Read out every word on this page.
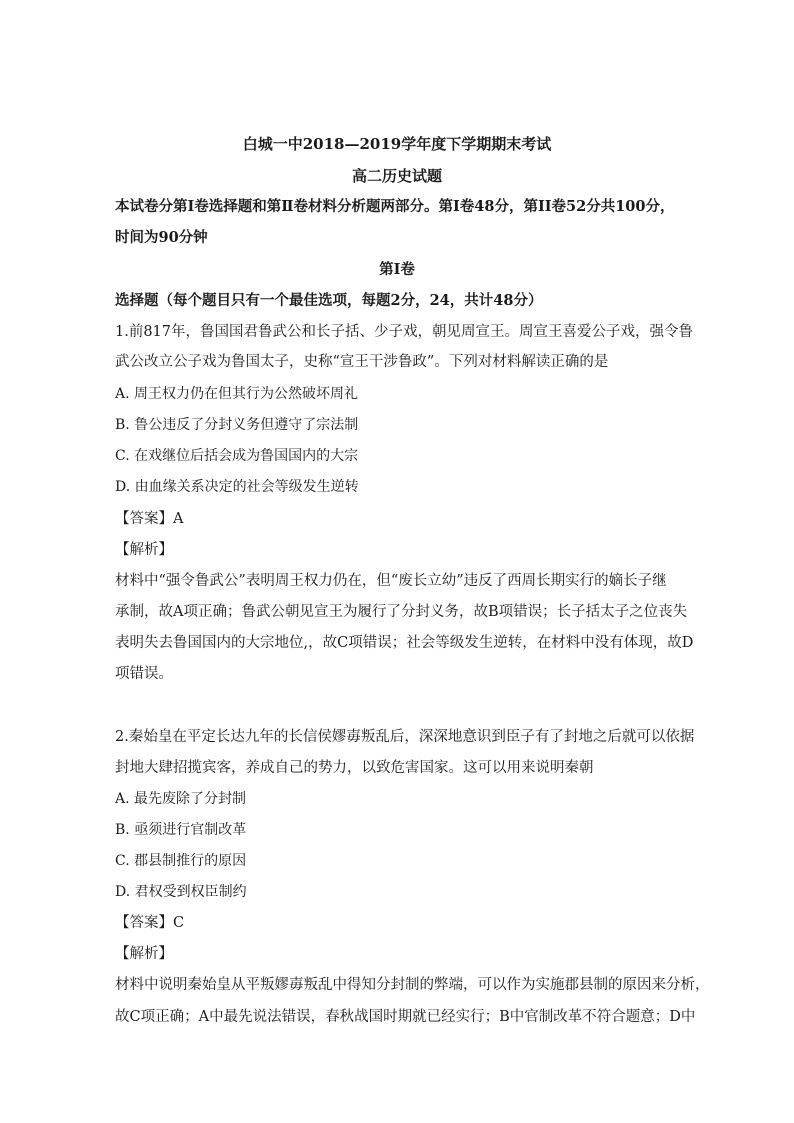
白城一中2018—2019学年度下学期期末考试
高二历史试题
本试卷分第Ⅰ卷选择题和第Ⅱ卷材料分析题两部分。第Ⅰ卷48分，第II卷52分共100分，
时间为90分钟
第Ⅰ卷
选择题（每个题目只有一个最佳选项，每题2分，24，共计48分）
1.前817年，鲁国国君鲁武公和长子括、少子戏，朝见周宣王。周宣王喜爱公子戏，强令鲁
武公改立公子戏为鲁国太子，史称“宣王干涉鲁政”。下列对材料解读正确的是
A. 周王权力仍在但其行为公然破坏周礼
B. 鲁公违反了分封义务但遵守了宗法制
C. 在戏继位后括会成为鲁国国内的大宗
D. 由血缘关系决定的社会等级发生逆转
【答案】A
【解析】
材料中“强令鲁武公”表明周王权力仍在，但“废长立幼”违反了西周长期实行的嫡长子继
承制，故A项正确；鲁武公朝见宣王为履行了分封义务，故B项错误；长子括太子之位丧失
表明失去鲁国国内的大宗地位,，故C项错误；社会等级发生逆转，在材料中没有体现，故D
项错误。
2.秦始皇在平定长达九年的长信侯嫪毐叛乱后，深深地意识到臣子有了封地之后就可以依据
封地大肆招揽宾客，养成自己的势力，以致危害国家。这可以用来说明秦朝
A. 最先废除了分封制
B. 亟须进行官制改革
C. 郡县制推行的原因
D. 君权受到权臣制约
【答案】C
【解析】
材料中说明秦始皇从平叛嫪毐叛乱中得知分封制的弊端，可以作为实施郡县制的原因来分析，
故C项正确；A中最先说法错误，春秋战国时期就已经实行；B中官制改革不符合题意；D中
